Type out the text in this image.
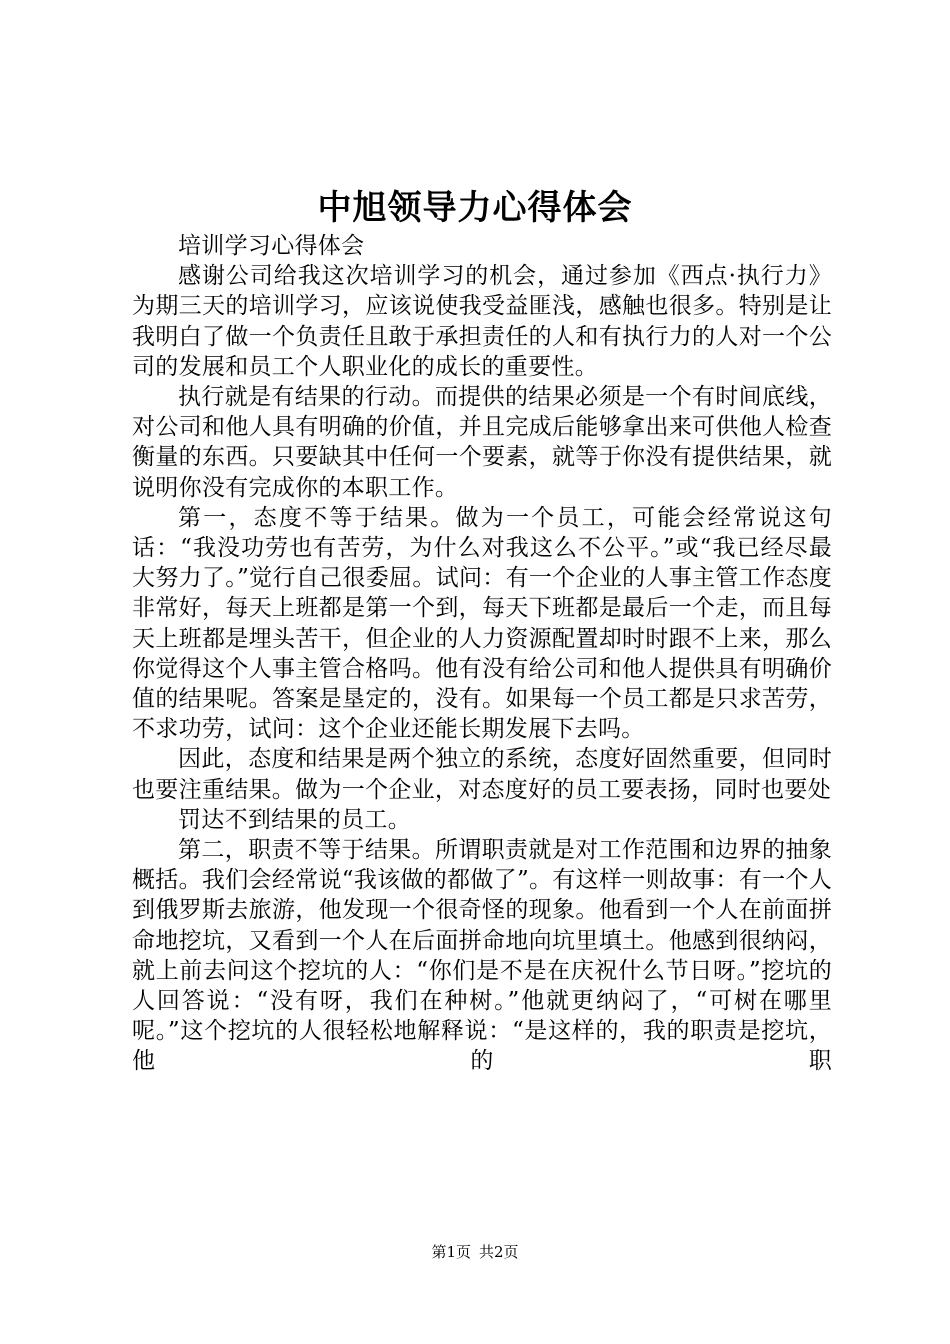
中旭领导力心得体会

培训学习心得体会

感谢公司给我这次培训学习的机会，通过参加《西点·执行力》为期三天的培训学习，应该说使我受益匪浅，感触也很多。特别是让我明白了做一个负责任且敢于承担责任的人和有执行力的人对一个公司的发展和员工个人职业化的成长的重要性。

执行就是有结果的行动。而提供的结果必须是一个有时间底线，对公司和他人具有明确的价值，并且完成后能够拿出来可供他人检查衡量的东西。只要缺其中任何一个要素，就等于你没有提供结果，就说明你没有完成你的本职工作。

第一，态度不等于结果。做为一个员工，可能会经常说这句话：“我没功劳也有苦劳，为什么对我这么不公平。”或“我已经尽最大努力了。”觉行自己很委屈。试问：有一个企业的人事主管工作态度非常好，每天上班都是第一个到，每天下班都是最后一个走，而且每天上班都是埋头苦干，但企业的人力资源配置却时时跟不上来，那么你觉得这个人事主管合格吗。他有没有给公司和他人提供具有明确价值的结果呢。答案是垦定的，没有。如果每一个员工都是只求苦劳，不求功劳，试问：这个企业还能长期发展下去吗。

因此，态度和结果是两个独立的系统，态度好固然重要，但同时也要注重结果。做为一个企业，对态度好的员工要表扬，同时也要处

罚达不到结果的员工。

第二，职责不等于结果。所谓职责就是对工作范围和边界的抽象概括。我们会经常说“我该做的都做了”。有这样一则故事：有一个人到俄罗斯去旅游，他发现一个很奇怪的现象。他看到一个人在前面拼命地挖坑，又看到一个人在后面拼命地向坑里填土。他感到很纳闷，就上前去问这个挖坑的人：“你们是不是在庆祝什么节日呀。”挖坑的人回答说：“没有呀，我们在种树。”他就更纳闷了，“可树在哪里呢。”这个挖坑的人很轻松地解释说：“是这样的，我的职责是挖坑，他的职

第1页 共2页
